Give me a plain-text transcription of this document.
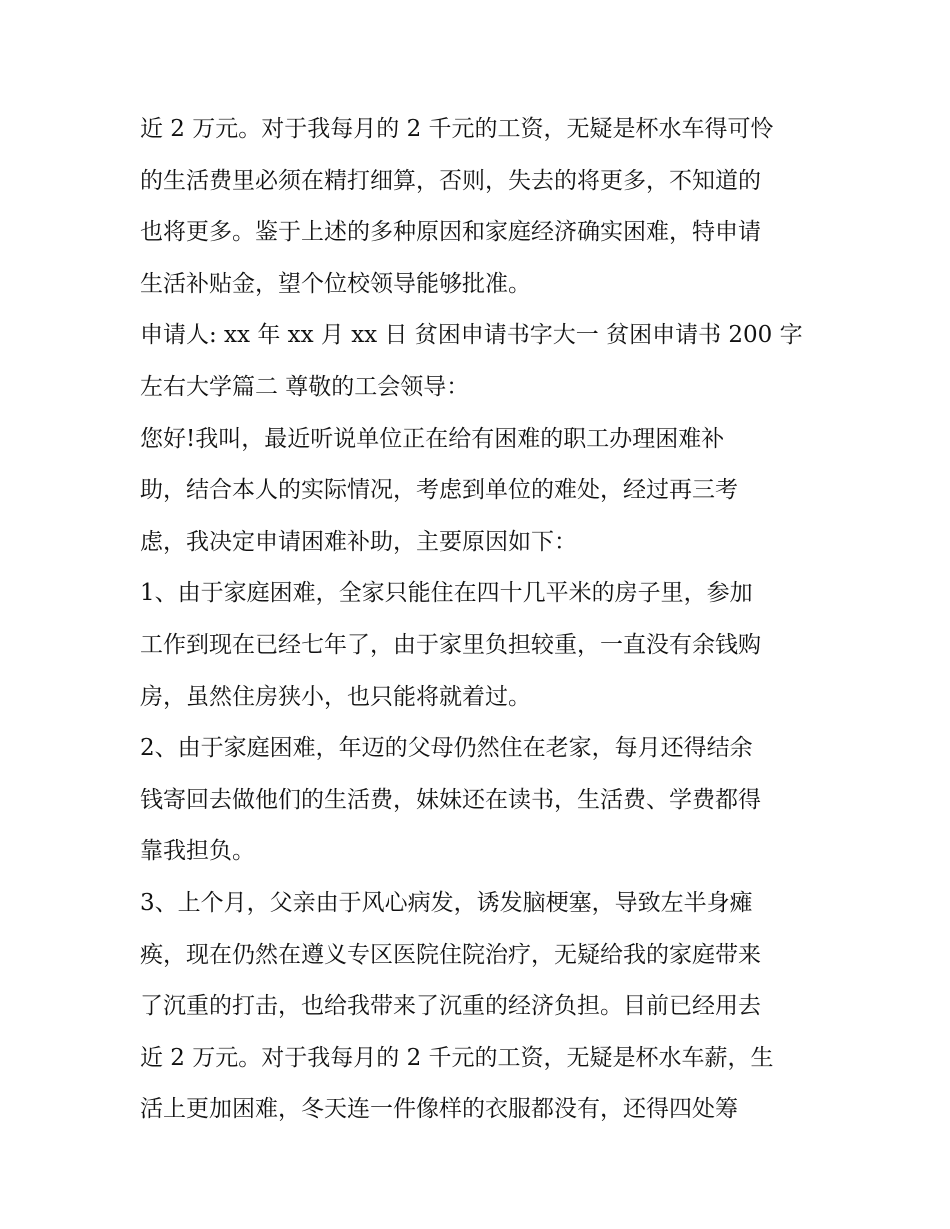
近 2 万元。对于我每月的 2 千元的工资，无疑是杯水车得可怜
的生活费里必须在精打细算，否则，失去的将更多，不知道的
也将更多。鉴于上述的多种原因和家庭经济确实困难，特申请
生活补贴金，望个位校领导能够批准。
申请人: xx 年 xx 月 xx 日 贫困申请书字大一 贫困申请书 200 字
左右大学篇二 尊敬的工会领导：
您好!我叫，最近听说单位正在给有困难的职工办理困难补
助，结合本人的实际情况，考虑到单位的难处，经过再三考
虑，我决定申请困难补助，主要原因如下：
1、由于家庭困难，全家只能住在四十几平米的房子里，参加
工作到现在已经七年了，由于家里负担较重，一直没有余钱购
房，虽然住房狭小，也只能将就着过。
2、由于家庭困难，年迈的父母仍然住在老家，每月还得结余
钱寄回去做他们的生活费，妹妹还在读书，生活费、学费都得
靠我担负。
3、上个月，父亲由于风心病发，诱发脑梗塞，导致左半身瘫
痪，现在仍然在遵义专区医院住院治疗，无疑给我的家庭带来
了沉重的打击，也给我带来了沉重的经济负担。目前已经用去
近 2 万元。对于我每月的 2 千元的工资，无疑是杯水车薪，生
活上更加困难，冬天连一件像样的衣服都没有，还得四处筹
